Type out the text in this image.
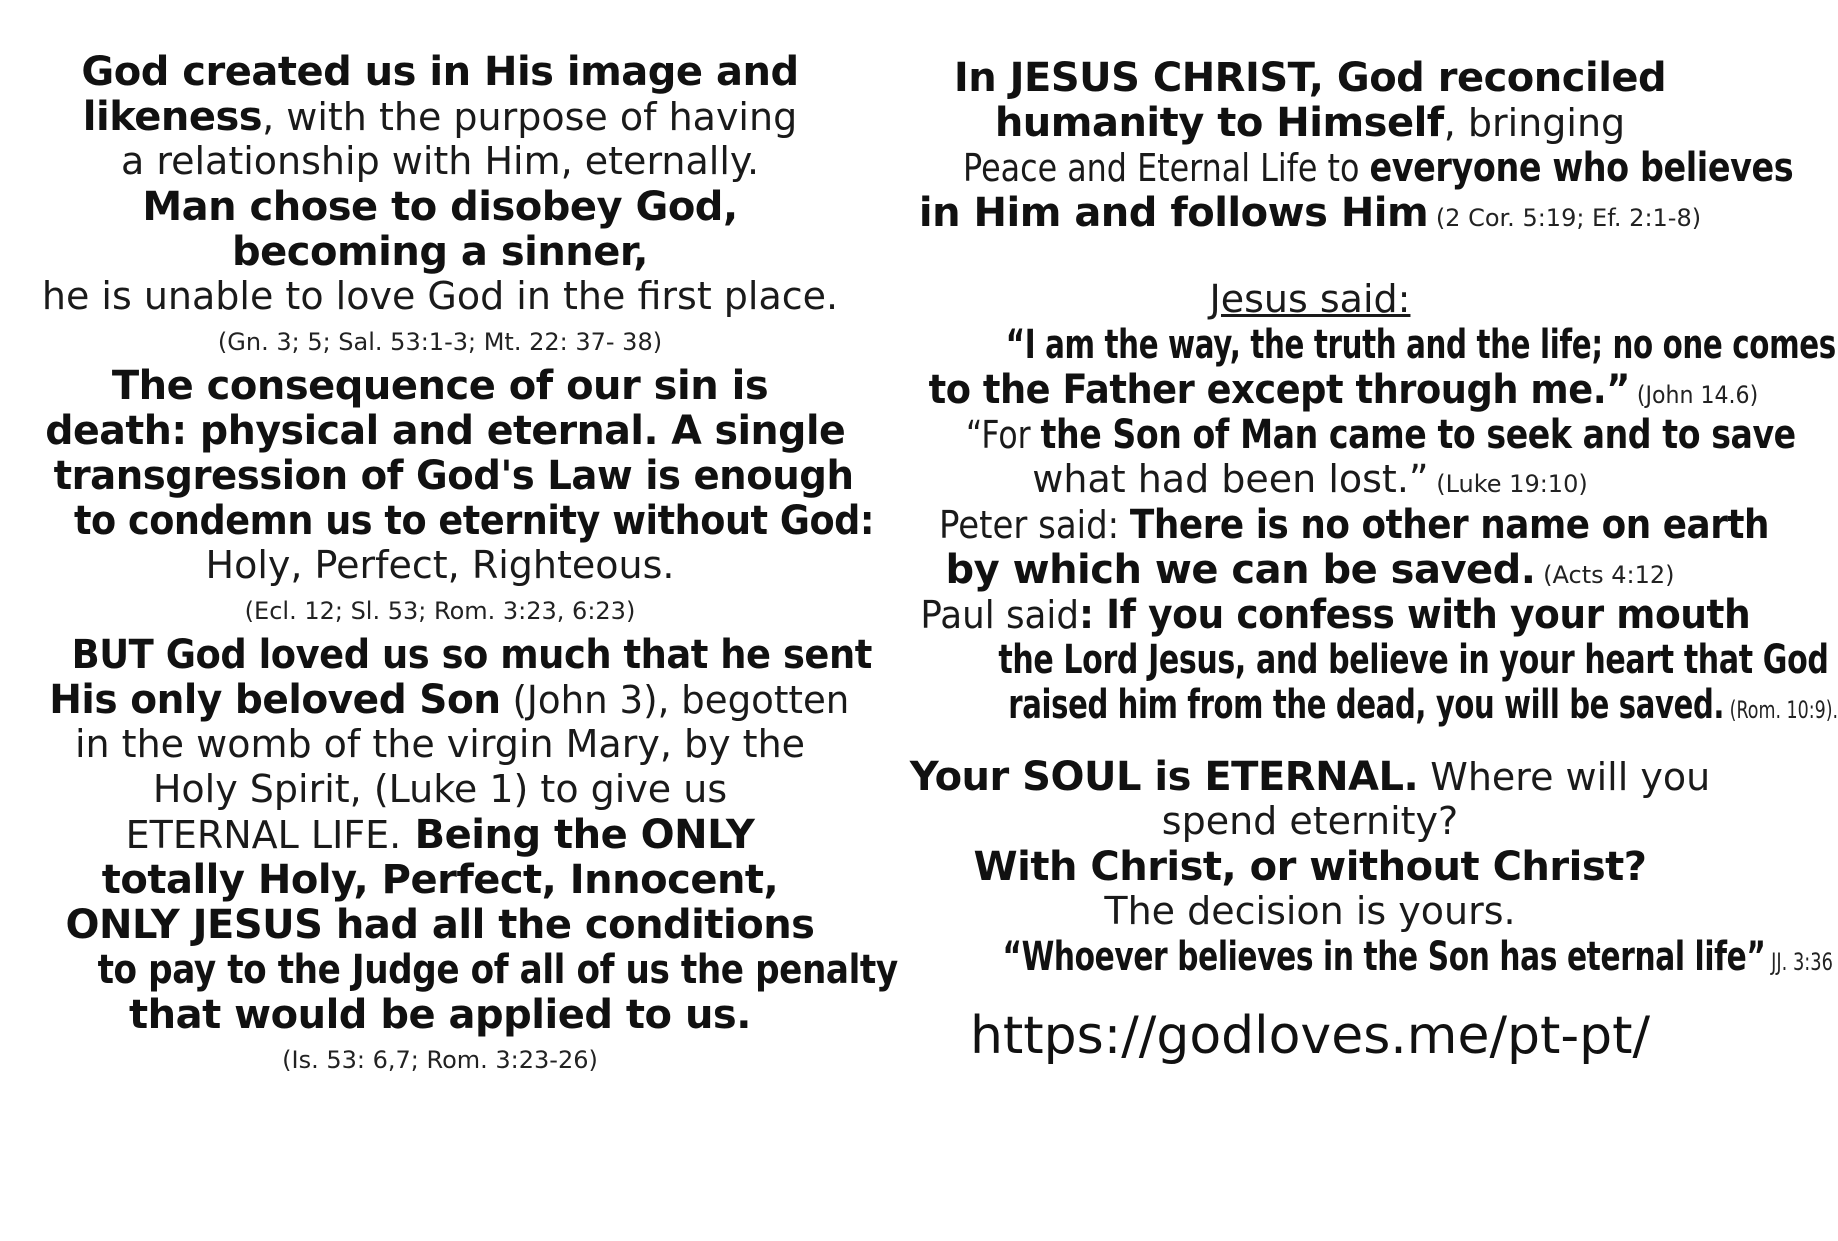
God created us in His image and
likeness, with the purpose of having
a relationship with Him, eternally.
Man chose to disobey God,
becoming a sinner,
he is unable to love God in the first place.
(Gn. 3; 5; Sal. 53:1-3; Mt. 22: 37- 38)
The consequence of our sin is
death: physical and eternal. A single
transgression of God's Law is enough
to condemn us to eternity without God:
Holy, Perfect, Righteous.
(Ecl. 12; Sl. 53; Rom. 3:23, 6:23)
BUT God loved us so much that he sent
His only beloved Son (John 3), begotten
in the womb of the virgin Mary, by the
Holy Spirit, (Luke 1) to give us
ETERNAL LIFE. Being the ONLY
totally Holy, Perfect, Innocent,
ONLY JESUS had all the conditions
to pay to the Judge of all of us the penalty
that would be applied to us.
(Is. 53: 6,7; Rom. 3:23-26)
In JESUS CHRIST, God reconciled
humanity to Himself, bringing
Peace and Eternal Life to everyone who believes
in Him and follows Him (2 Cor. 5:19; Ef. 2:1-8)
Jesus said:
“I am the way, the truth and the life; no one comes
to the Father except through me.” (John 14.6)
“For the Son of Man came to seek and to save
what had been lost.” (Luke 19:10)
Peter said: There is no other name on earth
by which we can be saved. (Acts 4:12)
Paul said: If you confess with your mouth
the Lord Jesus, and believe in your heart that God
raised him from the dead, you will be saved. (Rom. 10:9).
Your SOUL is ETERNAL. Where will you
spend eternity?
With Christ, or without Christ?
The decision is yours.
“Whoever believes in the Son has eternal life” JJ. 3:36
https://godloves.me/pt-pt/
